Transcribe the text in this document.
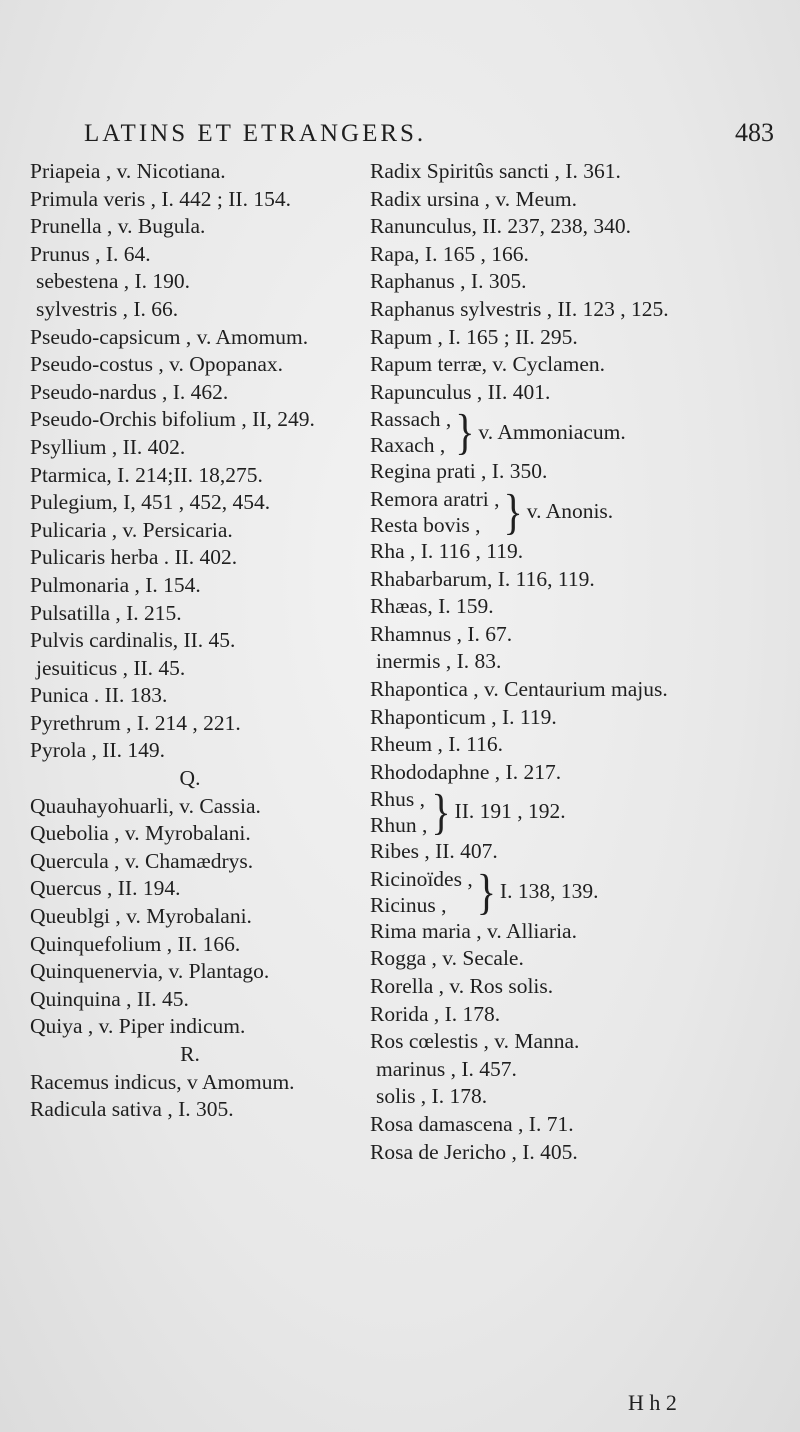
LATINS ET ETRANGERS.	483
Priapeia , v. Nicotiana.
Primula veris , I. 442 ; II. 154.
Prunella , v. Bugula.
Prunus , I. 64.
sebestena , I. 190.
sylvestris , I. 66.
Pseudo-capsicum , v. Amomum.
Pseudo-costus , v. Opopanax.
Pseudo-nardus , I. 462.
Pseudo-Orchis bifolium , II, 249.
Psyllium , II. 402.
Ptarmica, I. 214;II. 18,275.
Pulegium, I, 451 , 452, 454.
Pulicaria , v. Persicaria.
Pulicaris herba . II. 402.
Pulmonaria , I. 154.
Pulsatilla , I. 215.
Pulvis cardinalis, II. 45.
jesuiticus , II. 45.
Punica . II. 183.
Pyrethrum , I. 214 , 221.
Pyrola , II. 149.
Q.
Quauhayohuarli, v. Cassia.
Quebolia , v. Myrobalani.
Quercula , v. Chamædrys.
Quercus , II. 194.
Queublgi , v. Myrobalani.
Quinquefolium , II. 166.
Quinquenervia, v. Plantago.
Quinquina , II. 45.
Quiya , v. Piper indicum.
R.
Racemus indicus, v Amomum.
Radicula sativa , I. 305.
Radix Spiritûs sancti , I. 361.
Radix ursina , v. Meum.
Ranunculus, II. 237, 238, 340.
Rapa, I. 165 , 166.
Raphanus , I. 305.
Raphanus sylvestris , II. 123 , 125.
Rapum , I. 165 ; II. 295.
Rapum terræ, v. Cyclamen.
Rapunculus , II. 401.
Rassach ,
Raxach , } v. Ammoniacum.
Regina prati , I. 350.
Remora aratri ,
Resta bovis , } v. Anonis.
Rha , I. 116 , 119.
Rhabarbarum, I. 116, 119.
Rhæas, I. 159.
Rhamnus , I. 67.
inermis , I. 83.
Rhapontica , v. Centaurium majus.
Rhaponticum , I. 119.
Rheum , I. 116.
Rhododaphne , I. 217.
Rhus ,
Rhun , } II. 191 , 192.
Ribes , II. 407.
Ricinoïdes ,
Ricinus , } I. 138, 139.
Rima maria , v. Alliaria.
Rogga , v. Secale.
Rorella , v. Ros solis.
Rorida , I. 178.
Ros cœlestis , v. Manna.
marinus , I. 457.
solis , I. 178.
Rosa damascena , I. 71.
Rosa de Jericho , I. 405.
H h 2
